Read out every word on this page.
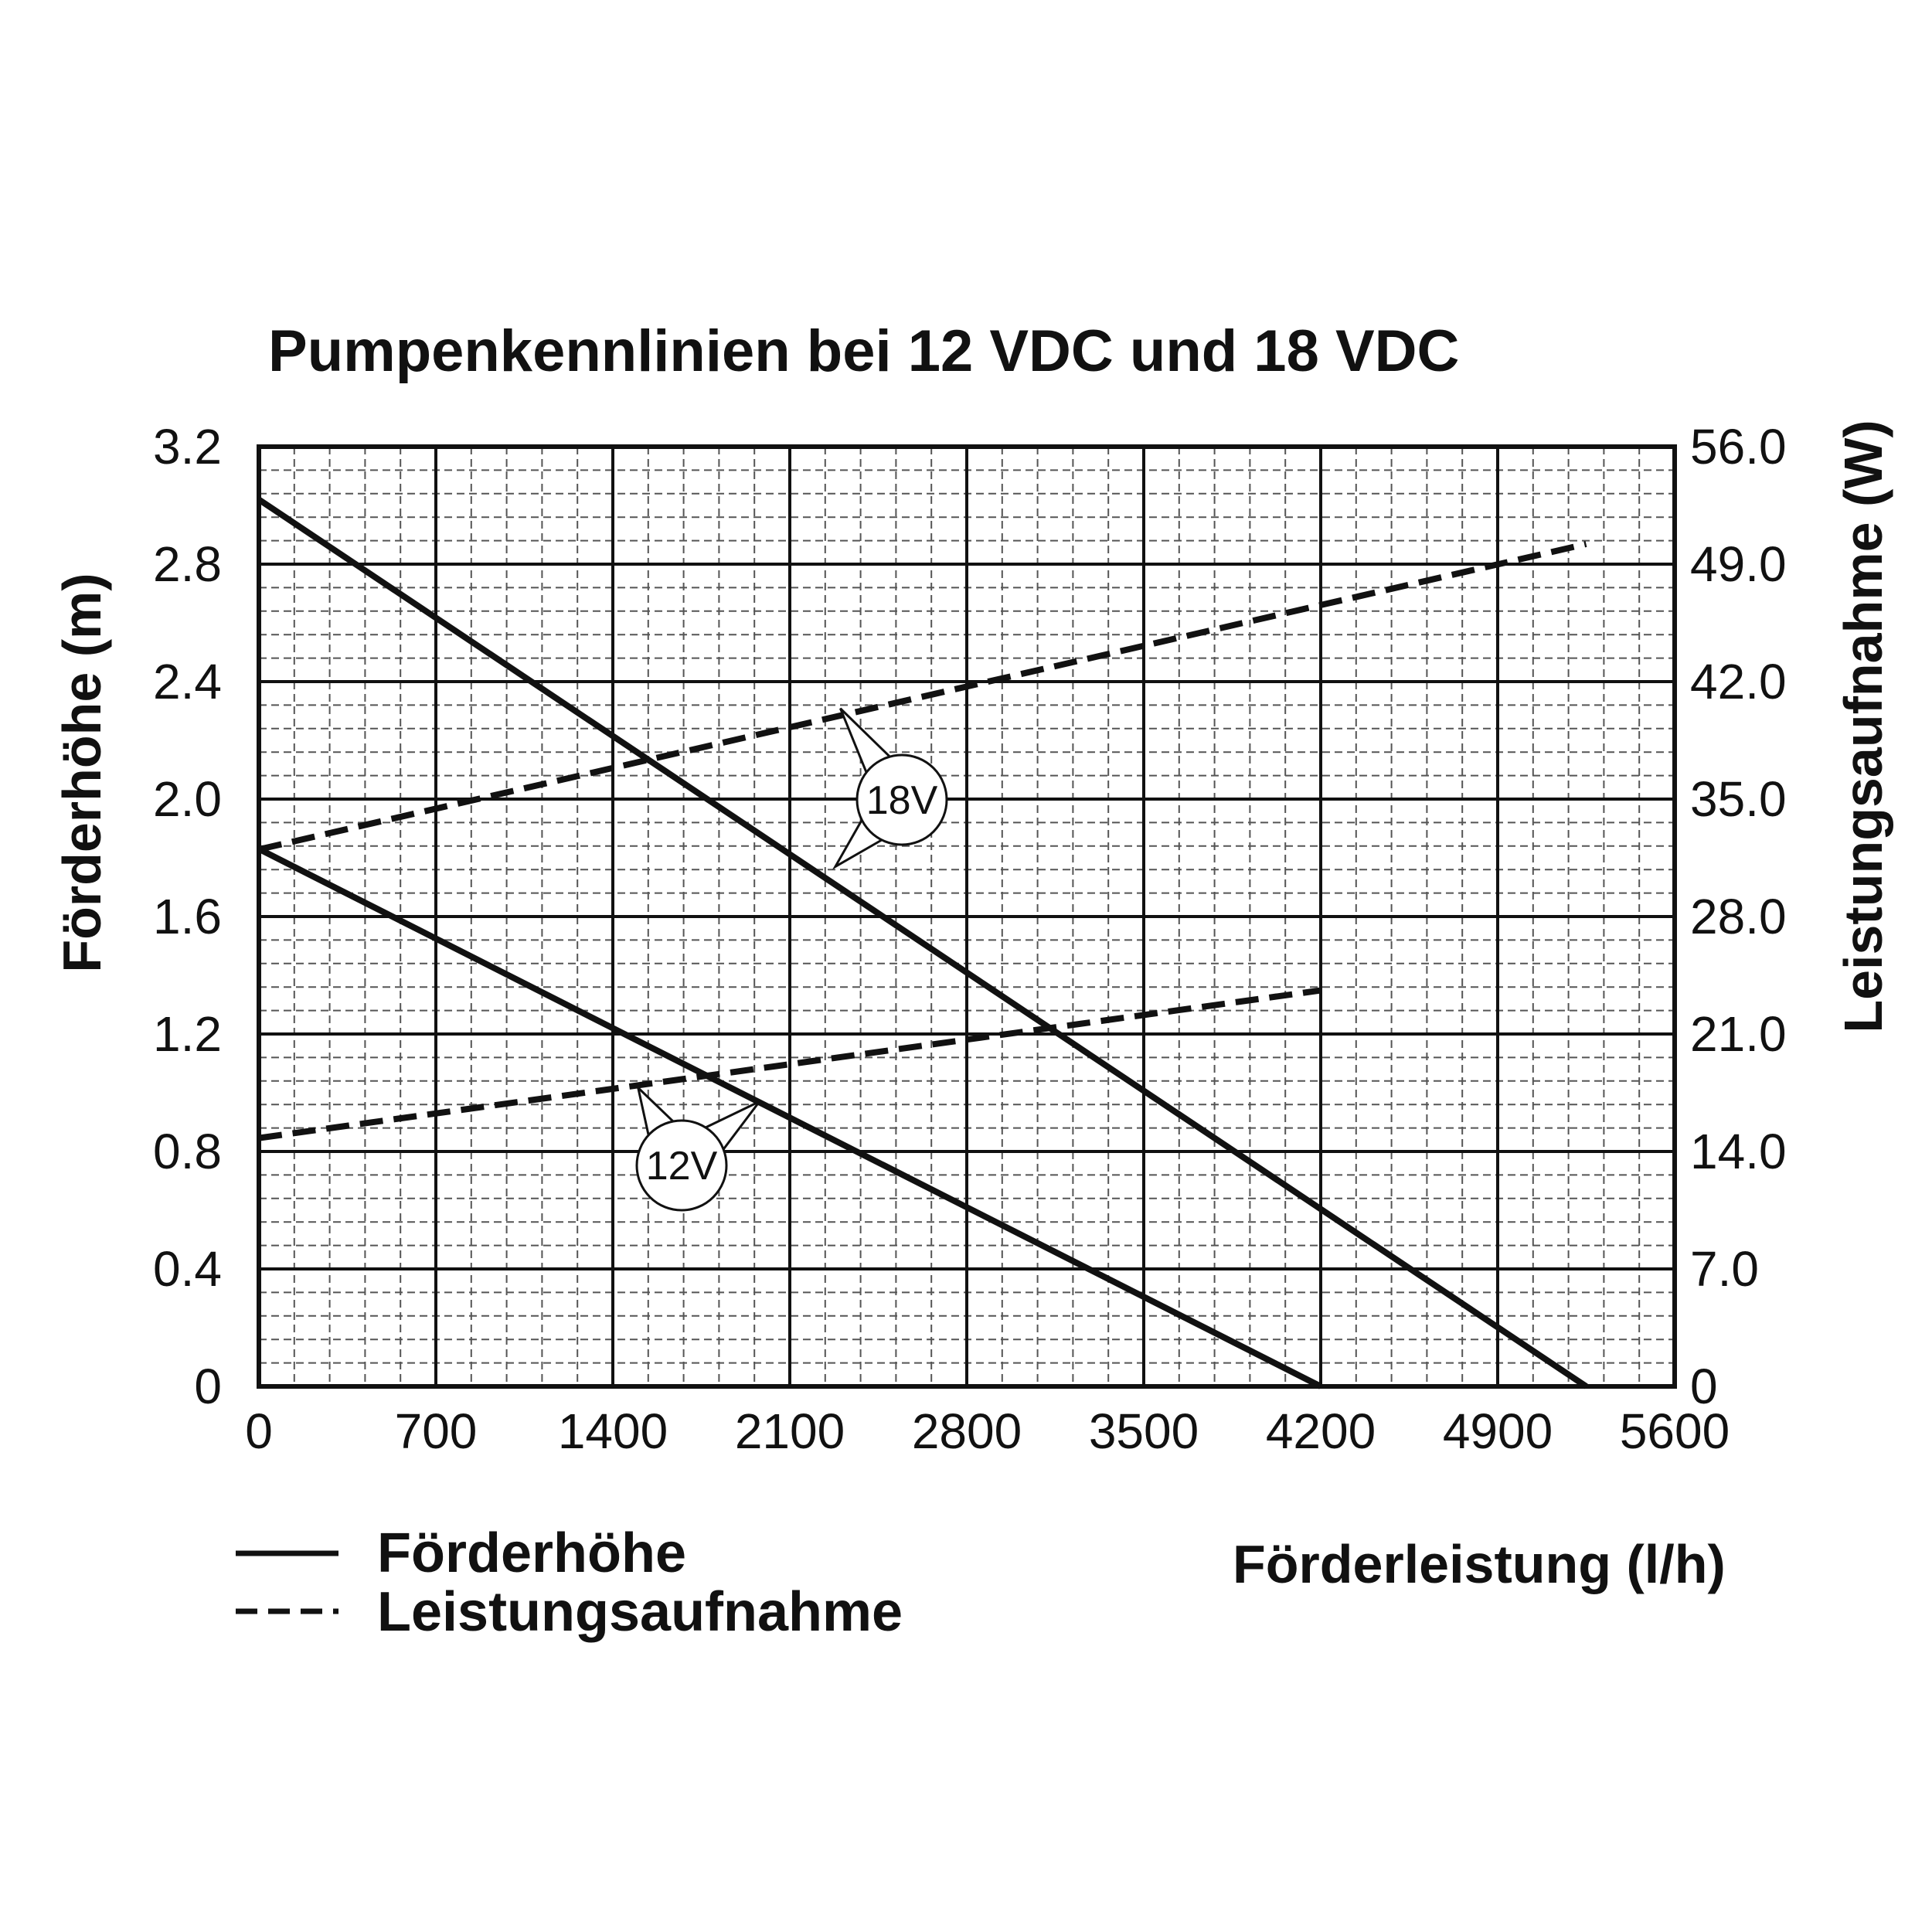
Pumpenkennlinien bei 12 VDC und 18 VDC
0 700 1400 2100 2800 3500 4200 4900 5600
0
0.4
0.8
1.2
1.6
2.0
2.4
2.8
3.2
0
7.0
14.0
21.0
28.0
35.0
42.0
49.0
56.0
Förderhöhe (m)	Leistungsaufnahme (W)
Förderleistung (l/h)
Förderhöhe
Leistungsaufnahme
18V
12V
